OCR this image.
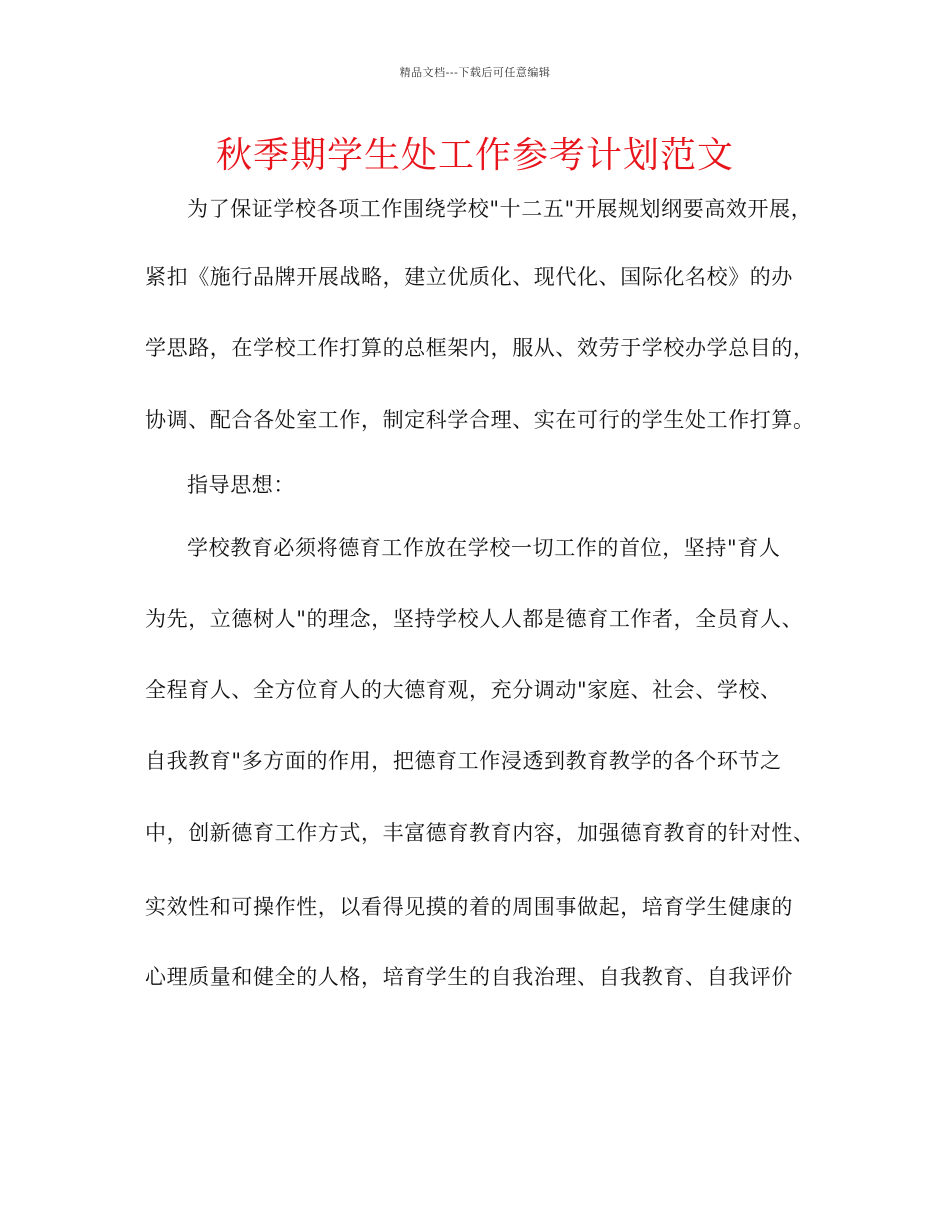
精品文档---下载后可任意编辑
秋季期学生处工作参考计划范文
为了保证学校各项工作围绕学校"十二五"开展规划纲要高效开展，
紧扣《施行品牌开展战略，建立优质化、现代化、国际化名校》的办
学思路，在学校工作打算的总框架内，服从、效劳于学校办学总目的，
协调、配合各处室工作，制定科学合理、实在可行的学生处工作打算。
指导思想：
学校教育必须将德育工作放在学校一切工作的首位，坚持"育人
为先，立德树人"的理念，坚持学校人人都是德育工作者，全员育人、
全程育人、全方位育人的大德育观，充分调动"家庭、社会、学校、
自我教育"多方面的作用，把德育工作浸透到教育教学的各个环节之
中，创新德育工作方式，丰富德育教育内容，加强德育教育的针对性、
实效性和可操作性，以看得见摸的着的周围事做起，培育学生健康的
心理质量和健全的人格，培育学生的自我治理、自我教育、自我评价
